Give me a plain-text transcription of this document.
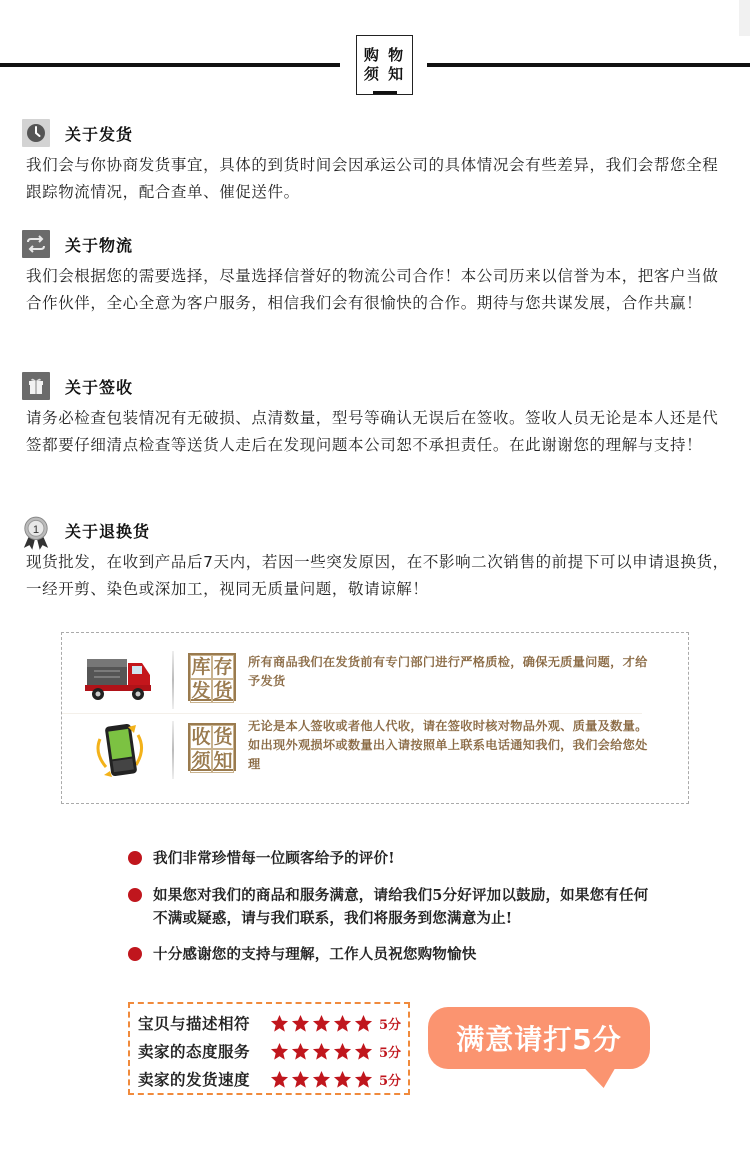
购 物
须 知
关于发货

我们会与你协商发货事宜，具体的到货时间会因承运公司的具体情况会有些差异，我们会帮您全程跟踪物流情况，配合查单、催促送件。

关于物流

我们会根据您的需要选择，尽量选择信誉好的物流公司合作！本公司历来以信誉为本，把客户当做合作伙伴，全心全意为客户服务，相信我们会有很愉快的合作。期待与您共谋发展，合作共赢！

关于签收

请务必检查包装情况有无破损、点清数量，型号等确认无误后在签收。签收人员无论是本人还是代签都要仔细清点检查等送货人走后在发现问题本公司恕不承担责任。在此谢谢您的理解与支持！

1 关于退换货

现货批发，在收到产品后7天内，若因一些突发原因，在不影响二次销售的前提下可以申请退换货，一经开剪、染色或深加工，视同无质量问题，敬请谅解！

库 存
发 货

所有商品我们在发货前有专门部门进行严格质检，确保无质量问题，才给予发货

收 货
须 知

无论是本人签收或者他人代收，请在签收时核对物品外观、质量及数量。如出现外观损坏或数量出入请按照单上联系电话通知我们，我们会给您处理

我们非常珍惜每一位顾客给予的评价!
如果您对我们的商品和服务满意，请给我们5分好评加以鼓励，如果您有任何不满或疑惑，请与我们联系，我们将服务到您满意为止!
十分感谢您的支持与理解，工作人员祝您购物愉快
宝贝与描述相符	5分
卖家的态度服务	5分
卖家的发货速度	5分
满意请打5分
